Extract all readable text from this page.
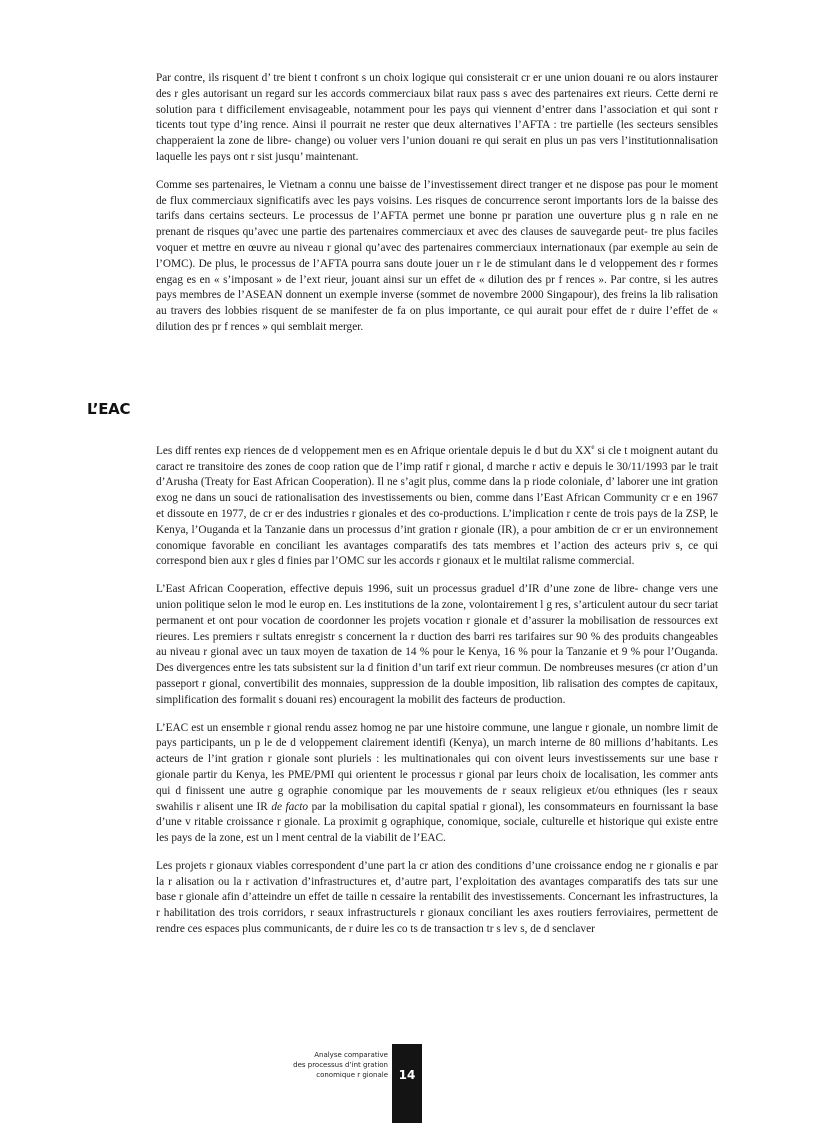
Par contre, ils risquent d’ tre bient t confront s un choix logique qui consisterait cr er une union douani re ou alors instaurer des r gles autorisant un regard sur les accords commerciaux bilat raux pass s avec des partenaires ext rieurs. Cette derni re solution para t difficilement envisageable, notamment pour les pays qui viennent d’entrer dans l’association et qui sont r ticents tout type d’ing rence. Ainsi il pourrait ne rester que deux alternatives l’AFTA : tre partielle (les secteurs sensibles chapperaient la zone de libre- change) ou voluer vers l’union douani re qui serait en plus un pas vers l’institutionnalisation laquelle les pays ont r sist jusqu’ maintenant.

Comme ses partenaires, le Vietnam a connu une baisse de l’investissement direct tranger et ne dispose pas pour le moment de flux commerciaux significatifs avec les pays voisins. Les risques de concurrence seront importants lors de la baisse des tarifs dans certains secteurs. Le processus de l’AFTA permet une bonne pr paration une ouverture plus g n rale en ne prenant de risques qu’avec une partie des partenaires commerciaux et avec des clauses de sauvegarde peut- tre plus faciles voquer et mettre en œuvre au niveau r gional qu’avec des partenaires commerciaux internationaux (par exemple au sein de l’OMC). De plus, le processus de l’AFTA pourra sans doute jouer un r le de stimulant dans le d veloppement des r formes engag es en « s’imposant » de l’ext rieur, jouant ainsi sur un effet de « dilution des pr f rences ». Par contre, si les autres pays membres de l’ASEAN donnent un exemple inverse (sommet de novembre 2000 Singapour), des freins la lib ralisation au travers des lobbies risquent de se manifester de fa on plus importante, ce qui aurait pour effet de r duire l’effet de « dilution des pr f rences » qui semblait merger.

L’EAC

Les diff rentes exp riences de d veloppement men es en Afrique orientale depuis le d but du XXe si cle t moignent autant du caract re transitoire des zones de coop ration que de l’imp ratif r gional, d marche r activ e depuis le 30/11/1993 par le trait d’Arusha (Treaty for East African Cooperation). Il ne s’agit plus, comme dans la p riode coloniale, d’ laborer une int gration exog ne dans un souci de rationalisation des investissements ou bien, comme dans l’East African Community cr e en 1967 et dissoute en 1977, de cr er des industries r gionales et des co-productions. L’implication r cente de trois pays de la ZSP, le Kenya, l’Ouganda et la Tanzanie dans un processus d’int gration r gionale (IR), a pour ambition de cr er un environnement conomique favorable en conciliant les avantages comparatifs des tats membres et l’action des acteurs priv s, ce qui correspond bien aux r gles d finies par l’OMC sur les accords r gionaux et le multilat ralisme commercial.

L’East African Cooperation, effective depuis 1996, suit un processus graduel d’IR d’une zone de libre- change vers une union politique selon le mod le europ en. Les institutions de la zone, volontairement l g res, s’articulent autour du secr tariat permanent et ont pour vocation de coordonner les projets vocation r gionale et d’assurer la mobilisation de ressources ext rieures. Les premiers r sultats enregistr s concernent la r duction des barri res tarifaires sur 90 % des produits changeables au niveau r gional avec un taux moyen de taxation de 14 % pour le Kenya, 16 % pour la Tanzanie et 9 % pour l’Ouganda. Des divergences entre les tats subsistent sur la d finition d’un tarif ext rieur commun. De nombreuses mesures (cr ation d’un passeport r gional, convertibilit des monnaies, suppression de la double imposition, lib ralisation des comptes de capitaux, simplification des formalit s douani res) encouragent la mobilit des facteurs de production.

L’EAC est un ensemble r gional rendu assez homog ne par une histoire commune, une langue r gionale, un nombre limit de pays participants, un p le de d veloppement clairement identifi (Kenya), un march interne de 80 millions d’habitants. Les acteurs de l’int gration r gionale sont pluriels : les multinationales qui con oivent leurs investissements sur une base r gionale partir du Kenya, les PME/PMI qui orientent le processus r gional par leurs choix de localisation, les commer ants qui d finissent une autre g ographie conomique par les mouvements de r seaux religieux et/ou ethniques (les r seaux swahilis r alisent une IR de facto par la mobilisation du capital spatial r gional), les consommateurs en fournissant la base d’une v ritable croissance r gionale. La proximit g ographique, conomique, sociale, culturelle et historique qui existe entre les pays de la zone, est un l ment central de la viabilit de l’EAC.

Les projets r gionaux viables correspondent d’une part la cr ation des conditions d’une croissance endog ne r gionalis e par la r alisation ou la r activation d’infrastructures et, d’autre part, l’exploitation des avantages comparatifs des tats sur une base r gionale afin d’atteindre un effet de taille n cessaire la rentabilit des investissements. Concernant les infrastructures, la r habilitation des trois corridors, r seaux infrastructurels r gionaux conciliant les axes routiers ferroviaires, permettent de rendre ces espaces plus communicants, de r duire les co ts de transaction tr s lev s, de d senclaver

Analyse comparative
des processus d’int gration
conomique r gionale 14
